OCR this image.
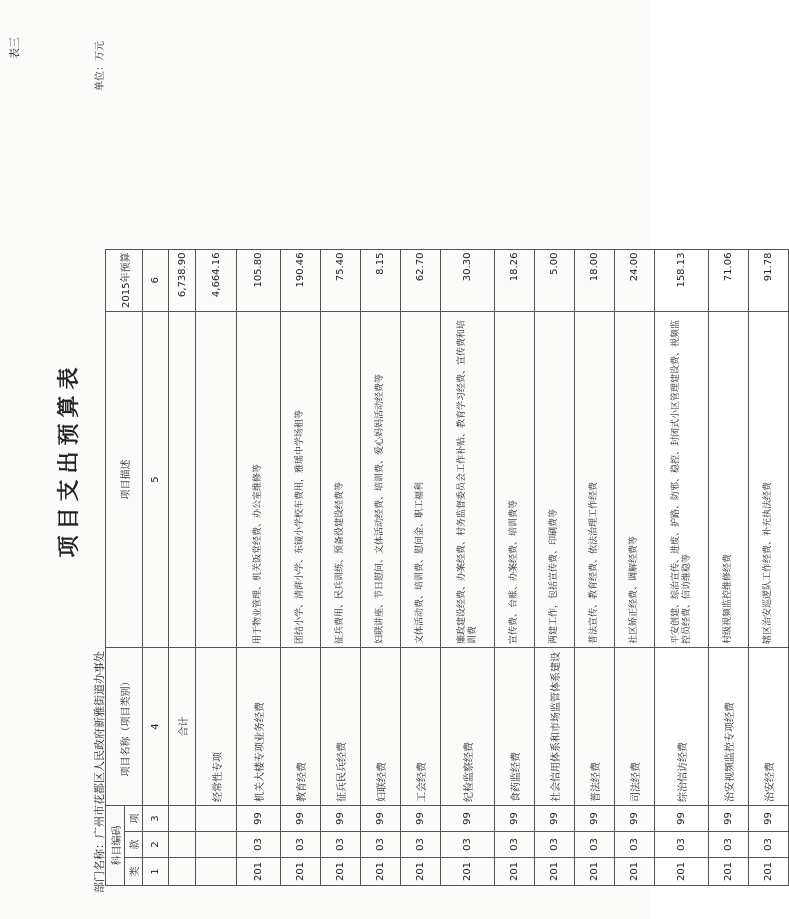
表三
项目支出预算表
部门名称：广州市花都区人民政府新雅街道办事处
单位：万元
科目编码			项目名称（项目类别）	项目描述	2015年预算
类	款	项			
1	2	3	4	5	6
			合计		6,738.90
			经常性专项		4,664.16
201	03	99	机关大楼专项业务经费	用于物业管理、机关饭堂经费、办公室维修等	105.80
201	03	99	教育经费	团结小学、清湃小学、东镜小学校车费用，雅瑶中学场租等	190.46
201	03	99	征兵民兵经费	征兵费用、民兵训练、预备役建设经费等	75.40
201	03	99	妇联经费	妇联讲座、节日慰问、文体活动经费、培训费、爱心妈妈活动经费等	8.15
201	03	99	工会经费	文体活动费、培训费、慰问金、职工福利	62.70
201	03	99	纪检监察经费	廉政建设经费、办案经费、村务监督委员会工作补贴、教育学习经费、宣传费和培训费	30.30
201	03	99	食药监经费	宣传费、台账、办案经费、培训费等	18.26
201	03	99	社会信用体系和市场监管体系建设	两建工作，包括宣传费、印刷费等	5.00
201	03	99	普法经费	普法宣传、教育经费、依法治理工作经费	18.00
201	03	99	司法经费	社区矫正经费、调解经费等	24.00
201	03	99	综治信访经费	平安创建、综治宣传、进废、护路、防邪、稳控、封闭式小区管理建设费、视频监控员经费、信访维稳等	158.13
201	03	99	治安视频监控专项经费	村级视频监控维修经费	71.06
201	03	99	治安经费	辖区治安巡逻队工作经费、补充执法经费	91.78
